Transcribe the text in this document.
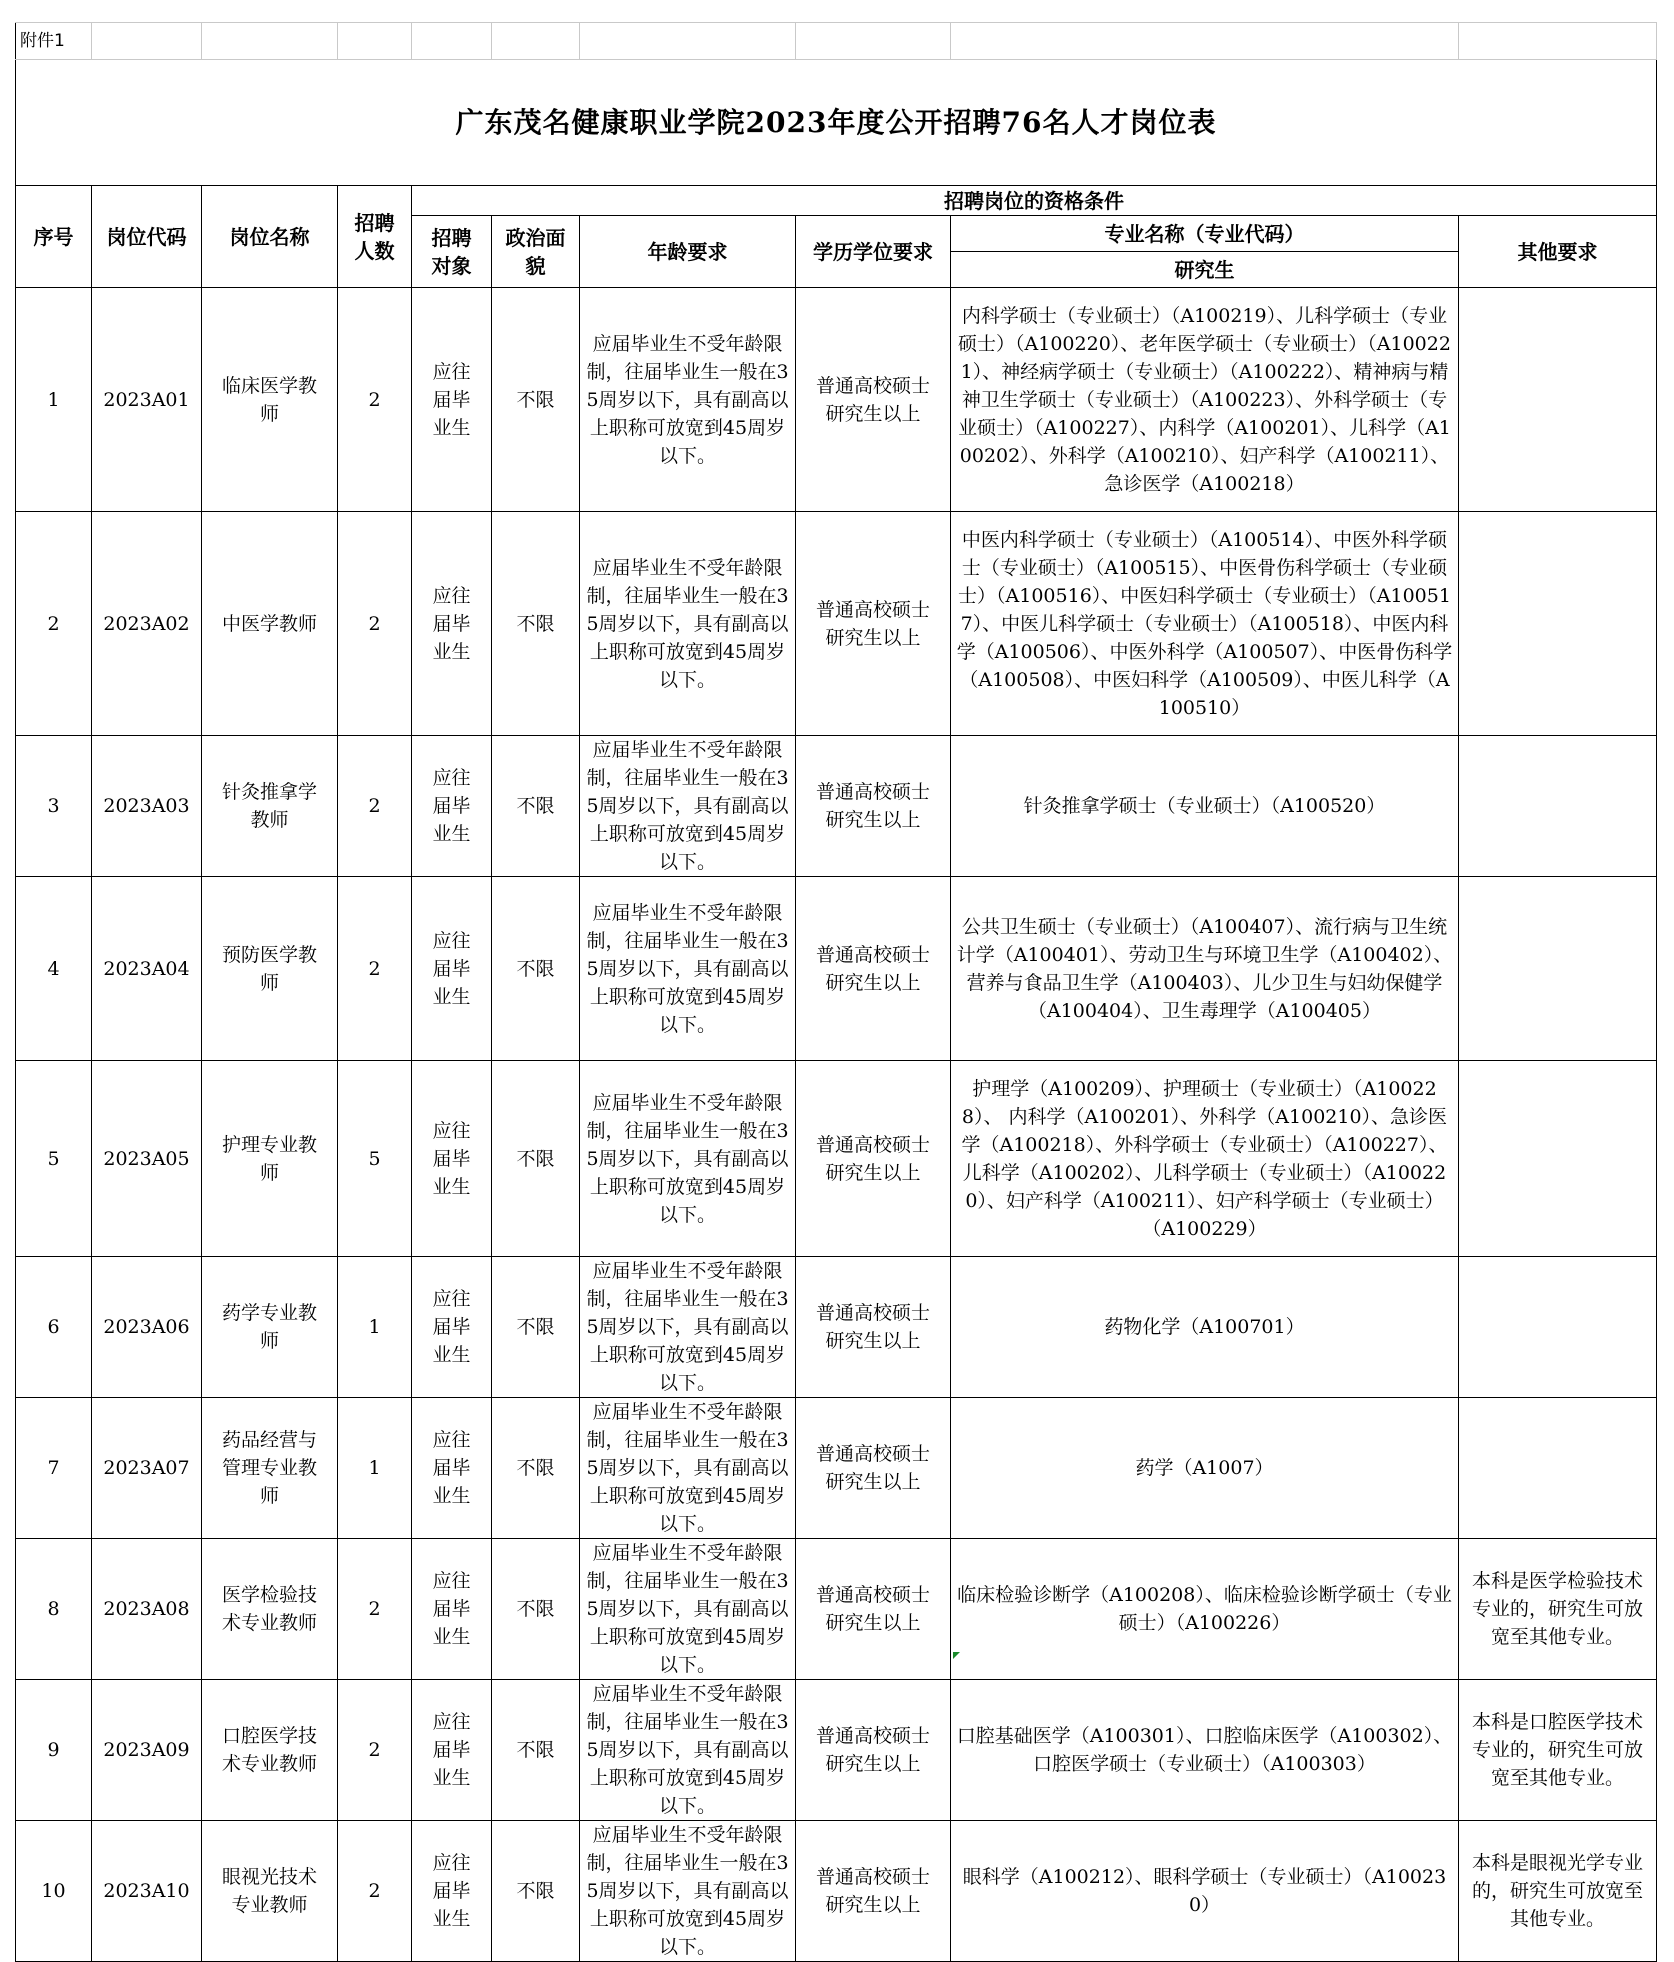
附件1									
广东茂名健康职业学院2023年度公开招聘76名人才岗位表									
序号	岗位代码	岗位名称	招聘人数	招聘岗位的资格条件					
				招聘对象	政治面貌	年龄要求	学历学位要求	专业名称（专业代码）	其他要求
								研究生	
1	2023A01	临床医学教师	2	应往届毕业生	不限	应届毕业生不受年龄限制，往届毕业生一般在35周岁以下，具有副高以上职称可放宽到45周岁以下。	普通高校硕士研究生以上	内科学硕士（专业硕士）（A100219）、儿科学硕士（专业硕士）（A100220）、老年医学硕士（专业硕士）（A100221）、神经病学硕士（专业硕士）（A100222）、精神病与精神卫生学硕士（专业硕士）（A100223）、外科学硕士（专业硕士）（A100227）、内科学（A100201）、儿科学（A100202）、外科学（A100210）、妇产科学（A100211）、急诊医学（A100218）	
2	2023A02	中医学教师	2	应往届毕业生	不限	应届毕业生不受年龄限制，往届毕业生一般在35周岁以下，具有副高以上职称可放宽到45周岁以下。	普通高校硕士研究生以上	中医内科学硕士（专业硕士）（A100514）、中医外科学硕士（专业硕士）（A100515）、中医骨伤科学硕士（专业硕士）（A100516）、中医妇科学硕士（专业硕士）（A100517）、中医儿科学硕士（专业硕士）（A100518）、中医内科学（A100506）、中医外科学（A100507）、中医骨伤科学（A100508）、中医妇科学（A100509）、中医儿科学（A100510）	
3	2023A03	针灸推拿学教师	2	应往届毕业生	不限	应届毕业生不受年龄限制，往届毕业生一般在35周岁以下，具有副高以上职称可放宽到45周岁以下。	普通高校硕士研究生以上	针灸推拿学硕士（专业硕士）（A100520）	
4	2023A04	预防医学教师	2	应往届毕业生	不限	应届毕业生不受年龄限制，往届毕业生一般在35周岁以下，具有副高以上职称可放宽到45周岁以下。	普通高校硕士研究生以上	公共卫生硕士（专业硕士）（A100407）、流行病与卫生统计学（A100401）、劳动卫生与环境卫生学（A100402）、营养与食品卫生学（A100403）、儿少卫生与妇幼保健学（A100404）、卫生毒理学（A100405）	
5	2023A05	护理专业教师	5	应往届毕业生	不限	应届毕业生不受年龄限制，往届毕业生一般在35周岁以下，具有副高以上职称可放宽到45周岁以下。	普通高校硕士研究生以上	护理学（A100209）、护理硕士（专业硕士）（A100228）、 内科学（A100201）、外科学（A100210）、急诊医学（A100218）、外科学硕士（专业硕士）（A100227）、 儿科学（A100202）、儿科学硕士（专业硕士）（A100220）、妇产科学（A100211）、妇产科学硕士（专业硕士）（A100229）	
6	2023A06	药学专业教师	1	应往届毕业生	不限	应届毕业生不受年龄限制，往届毕业生一般在35周岁以下，具有副高以上职称可放宽到45周岁以下。	普通高校硕士研究生以上	药物化学（A100701）	
7	2023A07	药品经营与管理专业教师	1	应往届毕业生	不限	应届毕业生不受年龄限制，往届毕业生一般在35周岁以下，具有副高以上职称可放宽到45周岁以下。	普通高校硕士研究生以上	药学（A1007）	
8	2023A08	医学检验技术专业教师	2	应往届毕业生	不限	应届毕业生不受年龄限制，往届毕业生一般在35周岁以下，具有副高以上职称可放宽到45周岁以下。	普通高校硕士研究生以上	临床检验诊断学（A100208）、临床检验诊断学硕士（专业硕士）（A100226）	本科是医学检验技术专业的，研究生可放宽至其他专业。
9	2023A09	口腔医学技术专业教师	2	应往届毕业生	不限	应届毕业生不受年龄限制，往届毕业生一般在35周岁以下，具有副高以上职称可放宽到45周岁以下。	普通高校硕士研究生以上	口腔基础医学（A100301）、口腔临床医学（A100302）、口腔医学硕士（专业硕士）（A100303）	本科是口腔医学技术专业的，研究生可放宽至其他专业。
10	2023A10	眼视光技术专业教师	2	应往届毕业生	不限	应届毕业生不受年龄限制，往届毕业生一般在35周岁以下，具有副高以上职称可放宽到45周岁以下。	普通高校硕士研究生以上	眼科学（A100212）、眼科学硕士（专业硕士）（A100230）	本科是眼视光学专业的，研究生可放宽至其他专业。
